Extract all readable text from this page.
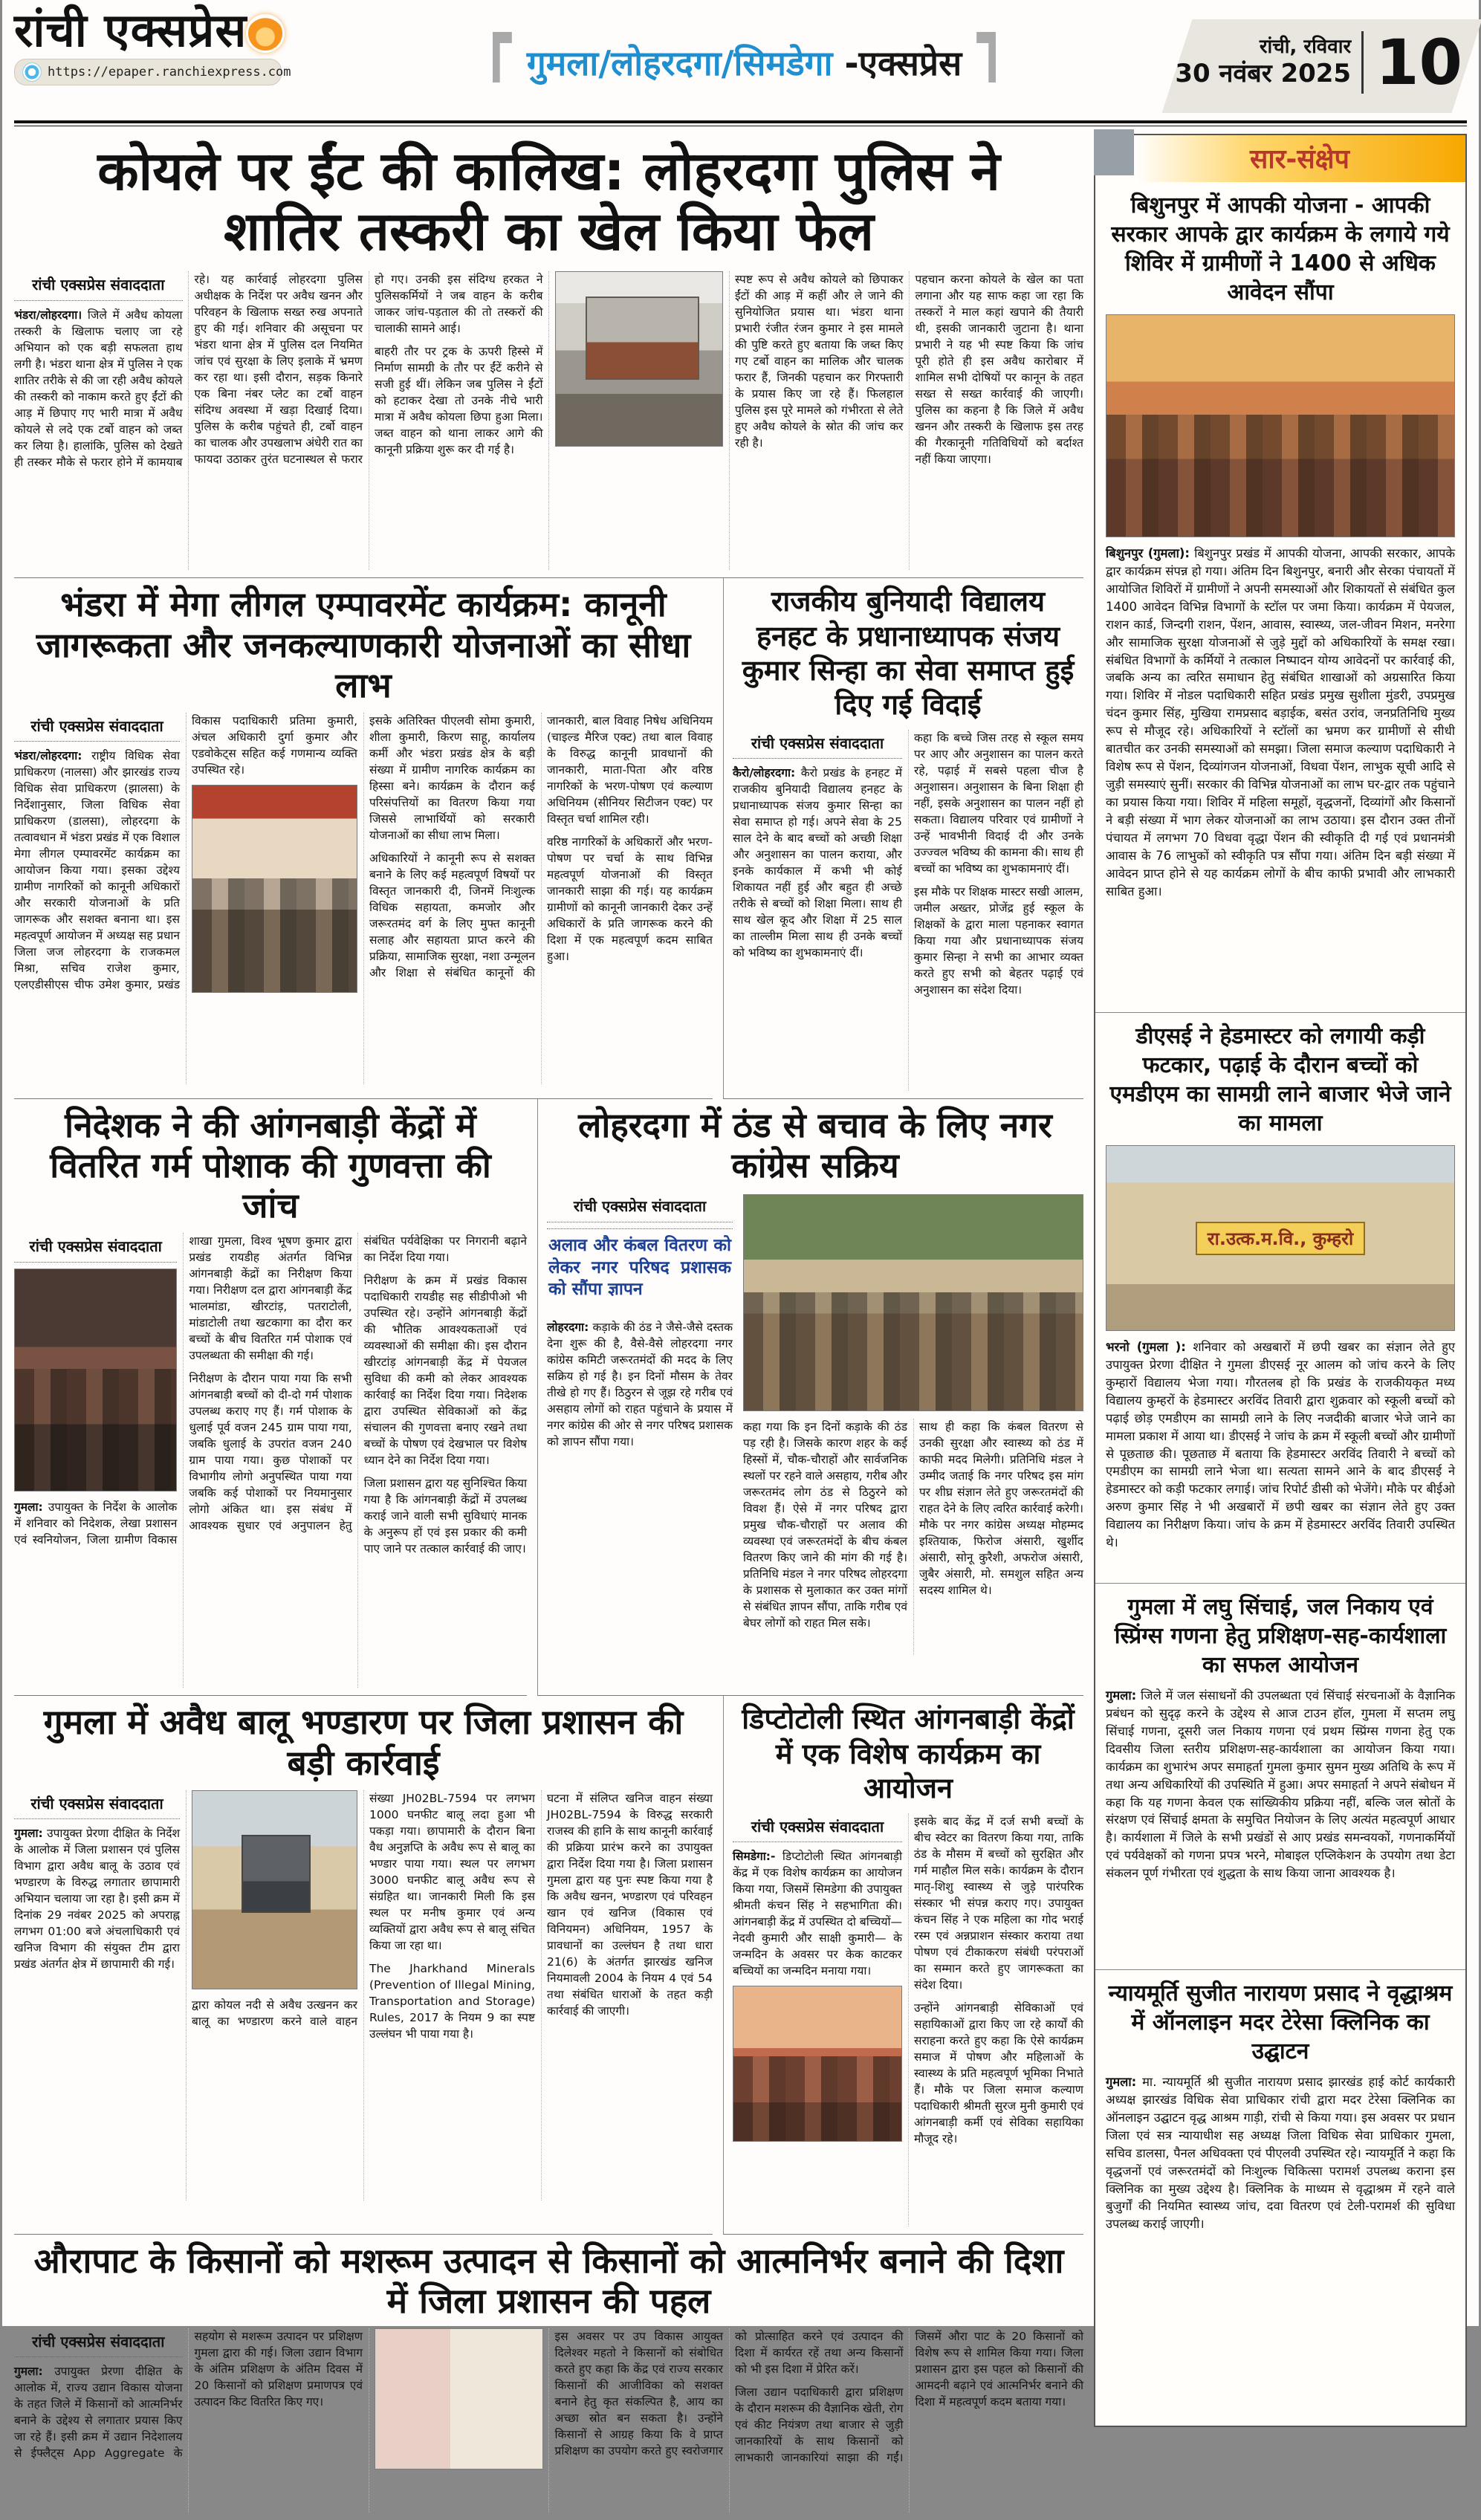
रांची एक्सप्रेस
https://epaper.ranchiexpress.com	गुमला/लोहरदगा/सिमडेगा -एक्सप्रेस	रांची, रविवार
30 नवंबर 2025 10
कोयले पर ईंट की कालिख: लोहरदगा पुलिस ने शातिर तस्करी का खेल किया फेल
रांची एक्सप्रेस संवाददाता

भंडरा/लोहरदगा। जिले में अवैध कोयला तस्करी के खिलाफ चलाए जा रहे अभियान को एक बड़ी सफलता हाथ लगी है। भंडरा थाना क्षेत्र में पुलिस ने एक शातिर तरीके से की जा रही अवैध कोयले की तस्करी को नाकाम करते हुए ईंटों की आड़ में छिपाए गए भारी मात्रा में अवैध कोयले से लदे एक टर्बो वाहन को जब्त कर लिया है। हालांकि, पुलिस को देखते ही तस्कर मौके से फरार होने में कामयाब रहे। यह कार्रवाई लोहरदगा पुलिस अधीक्षक के निर्देश पर अवैध खनन और परिवहन के खिलाफ सख्त रुख अपनाते हुए की गई। शनिवार की असूचना पर भंडरा थाना क्षेत्र में पुलिस दल नियमित जांच एवं सुरक्षा के लिए इलाके में भ्रमण कर रहा था। इसी दौरान, सड़क किनारे एक बिना नंबर प्लेट का टर्बो वाहन संदिग्ध अवस्था में खड़ा दिखाई दिया। पुलिस के करीब पहुंचते ही, टर्बो वाहन का चालक और उपखलाभ अंधेरी रात का फायदा उठाकर तुरंत घटनास्थल से फरार हो गए। उनकी इस संदिग्ध हरकत ने पुलिसकर्मियों ने जब वाहन के करीब जाकर जांच-पड़ताल की तो तस्करों की चालाकी सामने आई।

बाहरी तौर पर ट्रक के ऊपरी हिस्से में निर्माण सामग्री के तौर पर ईंटें करीने से सजी हुई थीं। लेकिन जब पुलिस ने ईंटों को हटाकर देखा तो उनके नीचे भारी मात्रा में अवैध कोयला छिपा हुआ मिला। जब्त वाहन को थाना लाकर आगे की कानूनी प्रक्रिया शुरू कर दी गई है।

स्पष्ट रूप से अवैध कोयले को छिपाकर ईंटों की आड़ में कहीं और ले जाने की सुनियोजित प्रयास था। भंडरा थाना प्रभारी रंजीत रंजन कुमार ने इस मामले की पुष्टि करते हुए बताया कि जब्त किए गए टर्बो वाहन का मालिक और चालक फरार हैं, जिनकी पहचान कर गिरफ्तारी के प्रयास किए जा रहे हैं। फिलहाल पुलिस इस पूरे मामले को गंभीरता से लेते हुए अवैध कोयले के स्रोत की जांच कर रही है।

पहचान करना कोयले के खेल का पता लगाना और यह साफ कहा जा रहा कि तस्करों ने माल कहां खपाने की तैयारी थी, इसकी जानकारी जुटाना है। थाना प्रभारी ने यह भी स्पष्ट किया कि जांच पूरी होते ही इस अवैध कारोबार में शामिल सभी दोषियों पर कानून के तहत सख्त से सख्त कार्रवाई की जाएगी। पुलिस का कहना है कि जिले में अवैध खनन और तस्करी के खिलाफ इस तरह की गैरकानूनी गतिविधियों को बर्दाश्त नहीं किया जाएगा।

भंडरा में मेगा लीगल एम्पावरमेंट कार्यक्रम: कानूनी जागरूकता और जनकल्याणकारी योजनाओं का सीधा लाभ
रांची एक्सप्रेस संवाददाता

भंडरा/लोहरदगा: राष्ट्रीय विधिक सेवा प्राधिकरण (नालसा) और झारखंड राज्य विधिक सेवा प्राधिकरण (झालसा) के निर्देशानुसार, जिला विधिक सेवा प्राधिकरण (डालसा), लोहरदगा के तत्वावधान में भंडरा प्रखंड में एक विशाल मेगा लीगल एम्पावरमेंट कार्यक्रम का आयोजन किया गया। इसका उद्देश्य ग्रामीण नागरिकों को कानूनी अधिकारों और सरकारी योजनाओं के प्रति जागरूक और सशक्त बनाना था। इस महत्वपूर्ण आयोजन में अध्यक्ष सह प्रधान जिला जज लोहरदगा के राजकमल मिश्रा, सचिव राजेश कुमार, एलएडीसीएस चीफ उमेश कुमार, प्रखंड विकास पदाधिकारी प्रतिमा कुमारी, अंचल अधिकारी दुर्गा कुमार और एडवोकेट्स सहित कई गणमान्य व्यक्ति उपस्थित रहे।

इसके अतिरिक्त पीएलवी सोमा कुमारी, शीला कुमारी, किरण साहू, कार्यालय कर्मी और भंडरा प्रखंड क्षेत्र के बड़ी संख्या में ग्रामीण नागरिक कार्यक्रम का हिस्सा बने। कार्यक्रम के दौरान कई परिसंपत्तियों का वितरण किया गया जिससे लाभार्थियों को सरकारी योजनाओं का सीधा लाभ मिला।

अधिकारियों ने कानूनी रूप से सशक्त बनाने के लिए कई महत्वपूर्ण विषयों पर विस्तृत जानकारी दी, जिनमें निःशुल्क विधिक सहायता, कमजोर और जरूरतमंद वर्ग के लिए मुफ्त कानूनी सलाह और सहायता प्राप्त करने की प्रक्रिया, सामाजिक सुरक्षा, नशा उन्मूलन और शिक्षा से संबंधित कानूनों की जानकारी, बाल विवाह निषेध अधिनियम (चाइल्ड मैरिज एक्ट) तथा बाल विवाह के विरुद्ध कानूनी प्रावधानों की जानकारी, माता-पिता और वरिष्ठ नागरिकों के भरण-पोषण एवं कल्याण अधिनियम (सीनियर सिटीजन एक्ट) पर विस्तृत चर्चा शामिल रही।

वरिष्ठ नागरिकों के अधिकारों और भरण-पोषण पर चर्चा के साथ विभिन्न महत्वपूर्ण योजनाओं की विस्तृत जानकारी साझा की गई। यह कार्यक्रम ग्रामीणों को कानूनी जानकारी देकर उन्हें अधिकारों के प्रति जागरूक करने की दिशा में एक महत्वपूर्ण कदम साबित हुआ।

राजकीय बुनियादी विद्यालय हनहट के प्रधानाध्यापक संजय कुमार सिन्हा का सेवा समाप्त हुई दिए गई विदाई
रांची एक्सप्रेस संवाददाता

कैरो/लोहरदगा: कैरो प्रखंड के हनहट में राजकीय बुनियादी विद्यालय हनहट के प्रधानाध्यापक संजय कुमार सिन्हा का सेवा समाप्त हो गई। अपने सेवा के 25 साल देने के बाद बच्चों को अच्छी शिक्षा और अनुशासन का पालन कराया, और इनके कार्यकाल में कभी भी कोई शिकायत नहीं हुई और बहुत ही अच्छे तरीके से बच्चों को शिक्षा मिला। साथ ही साथ खेल कूद और शिक्षा में 25 साल का ताल्लीम मिला साथ ही उनके बच्चों को भविष्य का शुभकामनाएं दीं।

कहा कि बच्चे जिस तरह से स्कूल समय पर आए और अनुशासन का पालन करते रहे, पढ़ाई में सबसे पहला चीज है अनुशासन। अनुशासन के बिना शिक्षा ही नहीं, इसके अनुशासन का पालन नहीं हो सकता। विद्यालय परिवार एवं ग्रामीणों ने उन्हें भावभीनी विदाई दी और उनके उज्ज्वल भविष्य की कामना की। साथ ही बच्चों का भविष्य का शुभकामनाएं दीं।

इस मौके पर शिक्षक मास्टर सखी आलम, जमील अख्तर, प्रोजेंद्र हुई स्कूल के शिक्षकों के द्वारा माला पहनाकर स्वागत किया गया और प्रधानाध्यापक संजय कुमार सिन्हा ने सभी का आभार व्यक्त करते हुए सभी को बेहतर पढ़ाई एवं अनुशासन का संदेश दिया।

निदेशक ने की आंगनबाड़ी केंद्रों में वितरित गर्म पोशाक की गुणवत्ता की जांच
रांची एक्सप्रेस संवाददाता

गुमला: उपायुक्त के निर्देश के आलोक में शनिवार को निदेशक, लेखा प्रशासन एवं स्वनियोजन, जिला ग्रामीण विकास शाखा गुमला, विश्व भूषण कुमार द्वारा प्रखंड रायडीह अंतर्गत विभिन्न आंगनबाड़ी केंद्रों का निरीक्षण किया गया। निरीक्षण दल द्वारा आंगनबाड़ी केंद्र भालमांडा, खीरटांड़, पतराटोली, मांडाटोली तथा खटकागा का दौरा कर बच्चों के बीच वितरित गर्म पोशाक एवं उपलब्धता की समीक्षा की गई।

निरीक्षण के दौरान पाया गया कि सभी आंगनबाड़ी बच्चों को दी-दो गर्म पोशाक उपलब्ध कराए गए हैं। गर्म पोशाक के धुलाई पूर्व वजन 245 ग्राम पाया गया, जबकि धुलाई के उपरांत वजन 240 ग्राम पाया गया। कुछ पोशाकों पर विभागीय लोगो अनुपस्थित पाया गया जबकि कई पोशाकों पर नियमानुसार लोगो अंकित था। इस संबंध में आवश्यक सुधार एवं अनुपालन हेतु संबंधित पर्यवेक्षिका पर निगरानी बढ़ाने का निर्देश दिया गया।

निरीक्षण के क्रम में प्रखंड विकास पदाधिकारी रायडीह सह सीडीपीओ भी उपस्थित रहे। उन्होंने आंगनबाड़ी केंद्रों की भौतिक आवश्यकताओं एवं व्यवस्थाओं की समीक्षा की। इस दौरान खीरटांड़ आंगनबाड़ी केंद्र में पेयजल सुविधा की कमी को लेकर आवश्यक कार्रवाई का निर्देश दिया गया। निदेशक द्वारा उपस्थित सेविकाओं को केंद्र संचालन की गुणवत्ता बनाए रखने तथा बच्चों के पोषण एवं देखभाल पर विशेष ध्यान देने का निर्देश दिया गया।

जिला प्रशासन द्वारा यह सुनिश्चित किया गया है कि आंगनबाड़ी केंद्रों में उपलब्ध कराई जाने वाली सभी सुविधाएं मानक के अनुरूप हों एवं इस प्रकार की कमी पाए जाने पर तत्काल कार्रवाई की जाए।

लोहरदगा में ठंड से बचाव के लिए नगर कांग्रेस सक्रिय
रांची एक्सप्रेस संवाददाता
अलाव और कंबल वितरण को लेकर नगर परिषद प्रशासक को सौंपा ज्ञापन

लोहरदगा: कड़ाके की ठंड ने जैसे-जैसे दस्तक देना शुरू की है, वैसे-वैसे लोहरदगा नगर कांग्रेस कमिटी जरूरतमंदों की मदद के लिए सक्रिय हो गई है। इन दिनों मौसम के तेवर तीखे हो गए हैं। ठिठुरन से जूझ रहे गरीब एवं असहाय लोगों को राहत पहुंचाने के प्रयास में नगर कांग्रेस की ओर से नगर परिषद प्रशासक को ज्ञापन सौंपा गया।

कहा गया कि इन दिनों कड़ाके की ठंड पड़ रही है। जिसके कारण शहर के कई हिस्सों में, चौक-चौराहों और सार्वजनिक स्थलों पर रहने वाले असहाय, गरीब और जरूरतमंद लोग ठंड से ठिठुरने को विवश हैं। ऐसे में नगर परिषद द्वारा प्रमुख चौक-चौराहों पर अलाव की व्यवस्था एवं जरूरतमंदों के बीच कंबल वितरण किए जाने की मांग की गई है। प्रतिनिधि मंडल ने नगर परिषद लोहरदगा के प्रशासक से मुलाकात कर उक्त मांगों से संबंधित ज्ञापन सौंपा, ताकि गरीब एवं बेघर लोगों को राहत मिल सके।

साथ ही कहा कि कंबल वितरण से उनकी सुरक्षा और स्वास्थ्य को ठंड में काफी मदद मिलेगी। प्रतिनिधि मंडल ने उम्मीद जताई कि नगर परिषद इस मांग पर शीघ्र संज्ञान लेते हुए जरूरतमंदों की राहत देने के लिए त्वरित कार्रवाई करेगी। मौके पर नगर कांग्रेस अध्यक्ष मोहम्मद इश्तियाक, फिरोज अंसारी, खुर्शीद अंसारी, सोनू कुरैशी, अफरोज अंसारी, जुबैर अंसारी, मो. समशुल सहित अन्य सदस्य शामिल थे।

गुमला में अवैध बालू भण्डारण पर जिला प्रशासन की बड़ी कार्रवाई
रांची एक्सप्रेस संवाददाता

गुमला: उपायुक्त प्रेरणा दीक्षित के निर्देश के आलोक में जिला प्रशासन एवं पुलिस विभाग द्वारा अवैध बालू के उठाव एवं भण्डारण के विरुद्ध लगातार छापामारी अभियान चलाया जा रहा है। इसी क्रम में दिनांक 29 नवंबर 2025 को अपराह्न लगभग 01:00 बजे अंचलाधिकारी एवं खनिज विभाग की संयुक्त टीम द्वारा प्रखंड अंतर्गत क्षेत्र में छापामारी की गई।

द्वारा कोयल नदी से अवैध उत्खनन कर बालू का भण्डारण करने वाले वाहन संख्या JH02BL-7594 पर लगभग 1000 घनफीट बालू लदा हुआ भी पकड़ा गया। छापामारी के दौरान बिना वैध अनुज्ञप्ति के अवैध रूप से बालू का भण्डार पाया गया। स्थल पर लगभग 3000 घनफीट बालू अवैध रूप से संग्रहित था। जानकारी मिली कि इस स्थल पर मनीष कुमार एवं अन्य व्यक्तियों द्वारा अवैध रूप से बालू संचित किया जा रहा था।

The Jharkhand Minerals (Prevention of Illegal Mining, Transportation and Storage) Rules, 2017 के नियम 9 का स्पष्ट उल्लंघन भी पाया गया है।

घटना में संलिप्त खनिज वाहन संख्या JH02BL-7594 के विरुद्ध सरकारी राजस्व की हानि के साथ कानूनी कार्रवाई की प्रक्रिया प्रारंभ करने का उपायुक्त द्वारा निर्देश दिया गया है। जिला प्रशासन गुमला द्वारा यह पुनः स्पष्ट किया गया है कि अवैध खनन, भण्डारण एवं परिवहन खान एवं खनिज (विकास एवं विनियमन) अधिनियम, 1957 के प्रावधानों का उल्लंघन है तथा धारा 21(6) के अंतर्गत झारखंड खनिज नियमावली 2004 के नियम 4 एवं 54 तथा संबंधित धाराओं के तहत कड़ी कार्रवाई की जाएगी।

डिप्टोटोली स्थित आंगनबाड़ी केंद्रों में एक विशेष कार्यक्रम का आयोजन
रांची एक्सप्रेस संवाददाता

सिमडेगा:- डिप्टोटोली स्थित आंगनबाड़ी केंद्र में एक विशेष कार्यक्रम का आयोजन किया गया, जिसमें सिमडेगा की उपायुक्त श्रीमती कंचन सिंह ने सहभागिता की। आंगनबाड़ी केंद्र में उपस्थित दो बच्चियों— नेदवी कुमारी और साक्षी कुमारी— के जन्मदिन के अवसर पर केक काटकर बच्चियों का जन्मदिन मनाया गया।

इसके बाद केंद्र में दर्ज सभी बच्चों के बीच स्वेटर का वितरण किया गया, ताकि ठंड के मौसम में बच्चों को सुरक्षित और गर्म माहौल मिल सके। कार्यक्रम के दौरान मातृ-शिशु स्वास्थ्य से जुड़े पारंपरिक संस्कार भी संपन्न कराए गए। उपायुक्त कंचन सिंह ने एक महिला का गोद भराई रस्म एवं अन्नप्राशन संस्कार कराया तथा पोषण एवं टीकाकरण संबंधी परंपराओं का सम्मान करते हुए जागरूकता का संदेश दिया।

उन्होंने आंगनबाड़ी सेविकाओं एवं सहायिकाओं द्वारा किए जा रहे कार्यों की सराहना करते हुए कहा कि ऐसे कार्यक्रम समाज में पोषण और महिलाओं के स्वास्थ्य के प्रति महत्वपूर्ण भूमिका निभाते हैं। मौके पर जिला समाज कल्याण पदाधिकारी श्रीमती सुरज मुनी कुमारी एवं आंगनबाड़ी कर्मी एवं सेविका सहायिका मौजूद रहे।

औरापाट के किसानों को मशरूम उत्पादन से किसानों को आत्मनिर्भर बनाने की दिशा में जिला प्रशासन की पहल
रांची एक्सप्रेस संवाददाता

गुमला: उपायुक्त प्रेरणा दीक्षित के आलोक में, राज्य उद्यान विकास योजना के तहत जिले में किसानों को आत्मनिर्भर बनाने के उद्देश्य से लगातार प्रयास किए जा रहे हैं। इसी क्रम में उद्यान निदेशालय से ईफ्लैट्स App Aggregate के सहयोग से मशरूम उत्पादन पर प्रशिक्षण गुमला द्वारा की गई। जिला उद्यान विभाग के अंतिम प्रशिक्षण के अंतिम दिवस में 20 किसानों को प्रशिक्षण प्रमाणपत्र एवं उत्पादन किट वितरित किए गए।

इस अवसर पर उप विकास आयुक्त दिलेश्वर महतो ने किसानों को संबोधित करते हुए कहा कि केंद्र एवं राज्य सरकार किसानों की आजीविका को सशक्त बनाने हेतु कृत संकल्पित है, आय का अच्छा स्रोत बन सकता है। उन्होंने किसानों से आग्रह किया कि वे प्राप्त प्रशिक्षण का उपयोग करते हुए स्वरोजगार को प्रोत्साहित करने एवं उत्पादन की दिशा में कार्यरत रहें तथा अन्य किसानों को भी इस दिशा में प्रेरित करें।

जिला उद्यान पदाधिकारी द्वारा प्रशिक्षण के दौरान मशरूम की वैज्ञानिक खेती, रोग एवं कीट नियंत्रण तथा बाजार से जुड़ी जानकारियों के साथ किसानों को लाभकारी जानकारियां साझा की गईं। जिसमें औरा पाट के 20 किसानों को विशेष रूप से शामिल किया गया। जिला प्रशासन द्वारा इस पहल को किसानों की आमदनी बढ़ाने एवं आत्मनिर्भर बनाने की दिशा में महत्वपूर्ण कदम बताया गया।

सार-संक्षेप
बिशुनपुर में आपकी योजना - आपकी सरकार आपके द्वार कार्यक्रम के लगाये गये शिविर में ग्रामीणों ने 1400 से अधिक आवेदन सौंपा
बिशुनपुर (गुमला): बिशुनपुर प्रखंड में आपकी योजना, आपकी सरकार, आपके द्वार कार्यक्रम संपन्न हो गया। अंतिम दिन बिशुनपुर, बनारी और सेरका पंचायतों में आयोजित शिविरों में ग्रामीणों ने अपनी समस्याओं और शिकायतों से संबंधित कुल 1400 आवेदन विभिन्न विभागों के स्टॉल पर जमा किया। कार्यक्रम में पेयजल, राशन कार्ड, जिन्दगी राशन, पेंशन, आवास, स्वास्थ्य, जल-जीवन मिशन, मनरेगा और सामाजिक सुरक्षा योजनाओं से जुड़े मुद्दों को अधिकारियों के समक्ष रखा। संबंधित विभागों के कर्मियों ने तत्काल निष्पादन योग्य आवेदनों पर कार्रवाई की, जबकि अन्य का त्वरित समाधान हेतु संबंधित शाखाओं को अग्रसारित किया गया। शिविर में नोडल पदाधिकारी सहित प्रखंड प्रमुख सुशीला मुंडरी, उपप्रमुख चंदन कुमार सिंह, मुखिया रामप्रसाद बड़ाईक, बसंत उरांव, जनप्रतिनिधि मुख्य रूप से मौजूद रहे। अधिकारियों ने स्टॉलों का भ्रमण कर ग्रामीणों से सीधी बातचीत कर उनकी समस्याओं को समझा। जिला समाज कल्याण पदाधिकारी ने विशेष रूप से पेंशन, दिव्यांगजन योजनाओं, विधवा पेंशन, लाभुक सूची आदि से जुड़ी समस्याएं सुनीं। सरकार की विभिन्न योजनाओं का लाभ घर-द्वार तक पहुंचाने का प्रयास किया गया। शिविर में महिला समूहों, वृद्धजनों, दिव्यांगों और किसानों ने बड़ी संख्या में भाग लेकर योजनाओं का लाभ उठाया। इस दौरान उक्त तीनों पंचायत में लगभग 70 विधवा वृद्धा पेंशन की स्वीकृति दी गई एवं प्रधानमंत्री आवास के 76 लाभुकों को स्वीकृति पत्र सौंपा गया। अंतिम दिन बड़ी संख्या में आवेदन प्राप्त होने से यह कार्यक्रम लोगों के बीच काफी प्रभावी और लाभकारी साबित हुआ।
डीएसई ने हेडमास्टर को लगायी कड़ी फटकार, पढ़ाई के दौरान बच्चों को एमडीएम का सामग्री लाने बाजार भेजे जाने का मामला
रा.उत्क.म.वि., कुम्हरो
भरनो (गुमला ): शनिवार को अखबारों में छपी खबर का संज्ञान लेते हुए उपायुक्त प्रेरणा दीक्षित ने गुमला डीएसई नूर आलम को जांच करने के लिए कुम्हारों विद्यालय भेजा गया। गौरतलब हो कि प्रखंड के राजकीयकृत मध्य विद्यालय कुम्हरों के हेडमास्टर अरविंद तिवारी द्वारा शुक्रवार को स्कूली बच्चों को पढ़ाई छोड़ एमडीएम का सामग्री लाने के लिए नजदीकी बाजार भेजे जाने का मामला प्रकाश में आया था। डीएसई ने जांच के क्रम में स्कूली बच्चों और ग्रामीणों से पूछताछ की। पूछताछ में बताया कि हेडमास्टर अरविंद तिवारी ने बच्चों को एमडीएम का सामग्री लाने भेजा था। सत्यता सामने आने के बाद डीएसई ने हेडमास्टर को कड़ी फटकार लगाई। जांच रिपोर्ट डीसी को भेजेंगे। मौके पर बीईओ अरुण कुमार सिंह ने भी अखबारों में छपी खबर का संज्ञान लेते हुए उक्त विद्यालय का निरीक्षण किया। जांच के क्रम में हेडमास्टर अरविंद तिवारी उपस्थित थे।
गुमला में लघु सिंचाई, जल निकाय एवं स्प्रिंग्स गणना हेतु प्रशिक्षण-सह-कार्यशाला का सफल आयोजन
गुमला: जिले में जल संसाधनों की उपलब्धता एवं सिंचाई संरचनाओं के वैज्ञानिक प्रबंधन को सुदृढ़ करने के उद्देश्य से आज टाउन हॉल, गुमला में सप्तम लघु सिंचाई गणना, दूसरी जल निकाय गणना एवं प्रथम स्प्रिंग्स गणना हेतु एक दिवसीय जिला स्तरीय प्रशिक्षण-सह-कार्यशाला का आयोजन किया गया। कार्यक्रम का शुभारंभ अपर समाहर्ता गुमला कुमार सुमन मुख्य अतिथि के रूप में तथा अन्य अधिकारियों की उपस्थिति में हुआ। अपर समाहर्ता ने अपने संबोधन में कहा कि यह गणना केवल एक सांख्यिकीय प्रक्रिया नहीं, बल्कि जल स्रोतों के संरक्षण एवं सिंचाई क्षमता के समुचित नियोजन के लिए अत्यंत महत्वपूर्ण आधार है। कार्यशाला में जिले के सभी प्रखंडों से आए प्रखंड समन्वयकों, गणनाकर्मियों एवं पर्यवेक्षकों को गणना प्रपत्र भरने, मोबाइल एप्लिकेशन के उपयोग तथा डेटा संकलन पूर्ण गंभीरता एवं शुद्धता के साथ किया जाना आवश्यक है।
न्यायमूर्ति सुजीत नारायण प्रसाद ने वृद्धाश्रम में ऑनलाइन मदर टेरेसा क्लिनिक का उद्घाटन
गुमला: मा. न्यायमूर्ति श्री सुजीत नारायण प्रसाद झारखंड हाई कोर्ट कार्यकारी अध्यक्ष झारखंड विधिक सेवा प्राधिकार रांची द्वारा मदर टेरेसा क्लिनिक का ऑनलाइन उद्घाटन वृद्ध आश्रम गाड़ी, रांची से किया गया। इस अवसर पर प्रधान जिला एवं सत्र न्यायाधीश सह अध्यक्ष जिला विधिक सेवा प्राधिकार गुमला, सचिव डालसा, पैनल अधिवक्ता एवं पीएलवी उपस्थित रहे। न्यायमूर्ति ने कहा कि वृद्धजनों एवं जरूरतमंदों को निःशुल्क चिकित्सा परामर्श उपलब्ध कराना इस क्लिनिक का मुख्य उद्देश्य है। क्लिनिक के माध्यम से वृद्धाश्रम में रहने वाले बुजुर्गों की नियमित स्वास्थ्य जांच, दवा वितरण एवं टेली-परामर्श की सुविधा उपलब्ध कराई जाएगी।
